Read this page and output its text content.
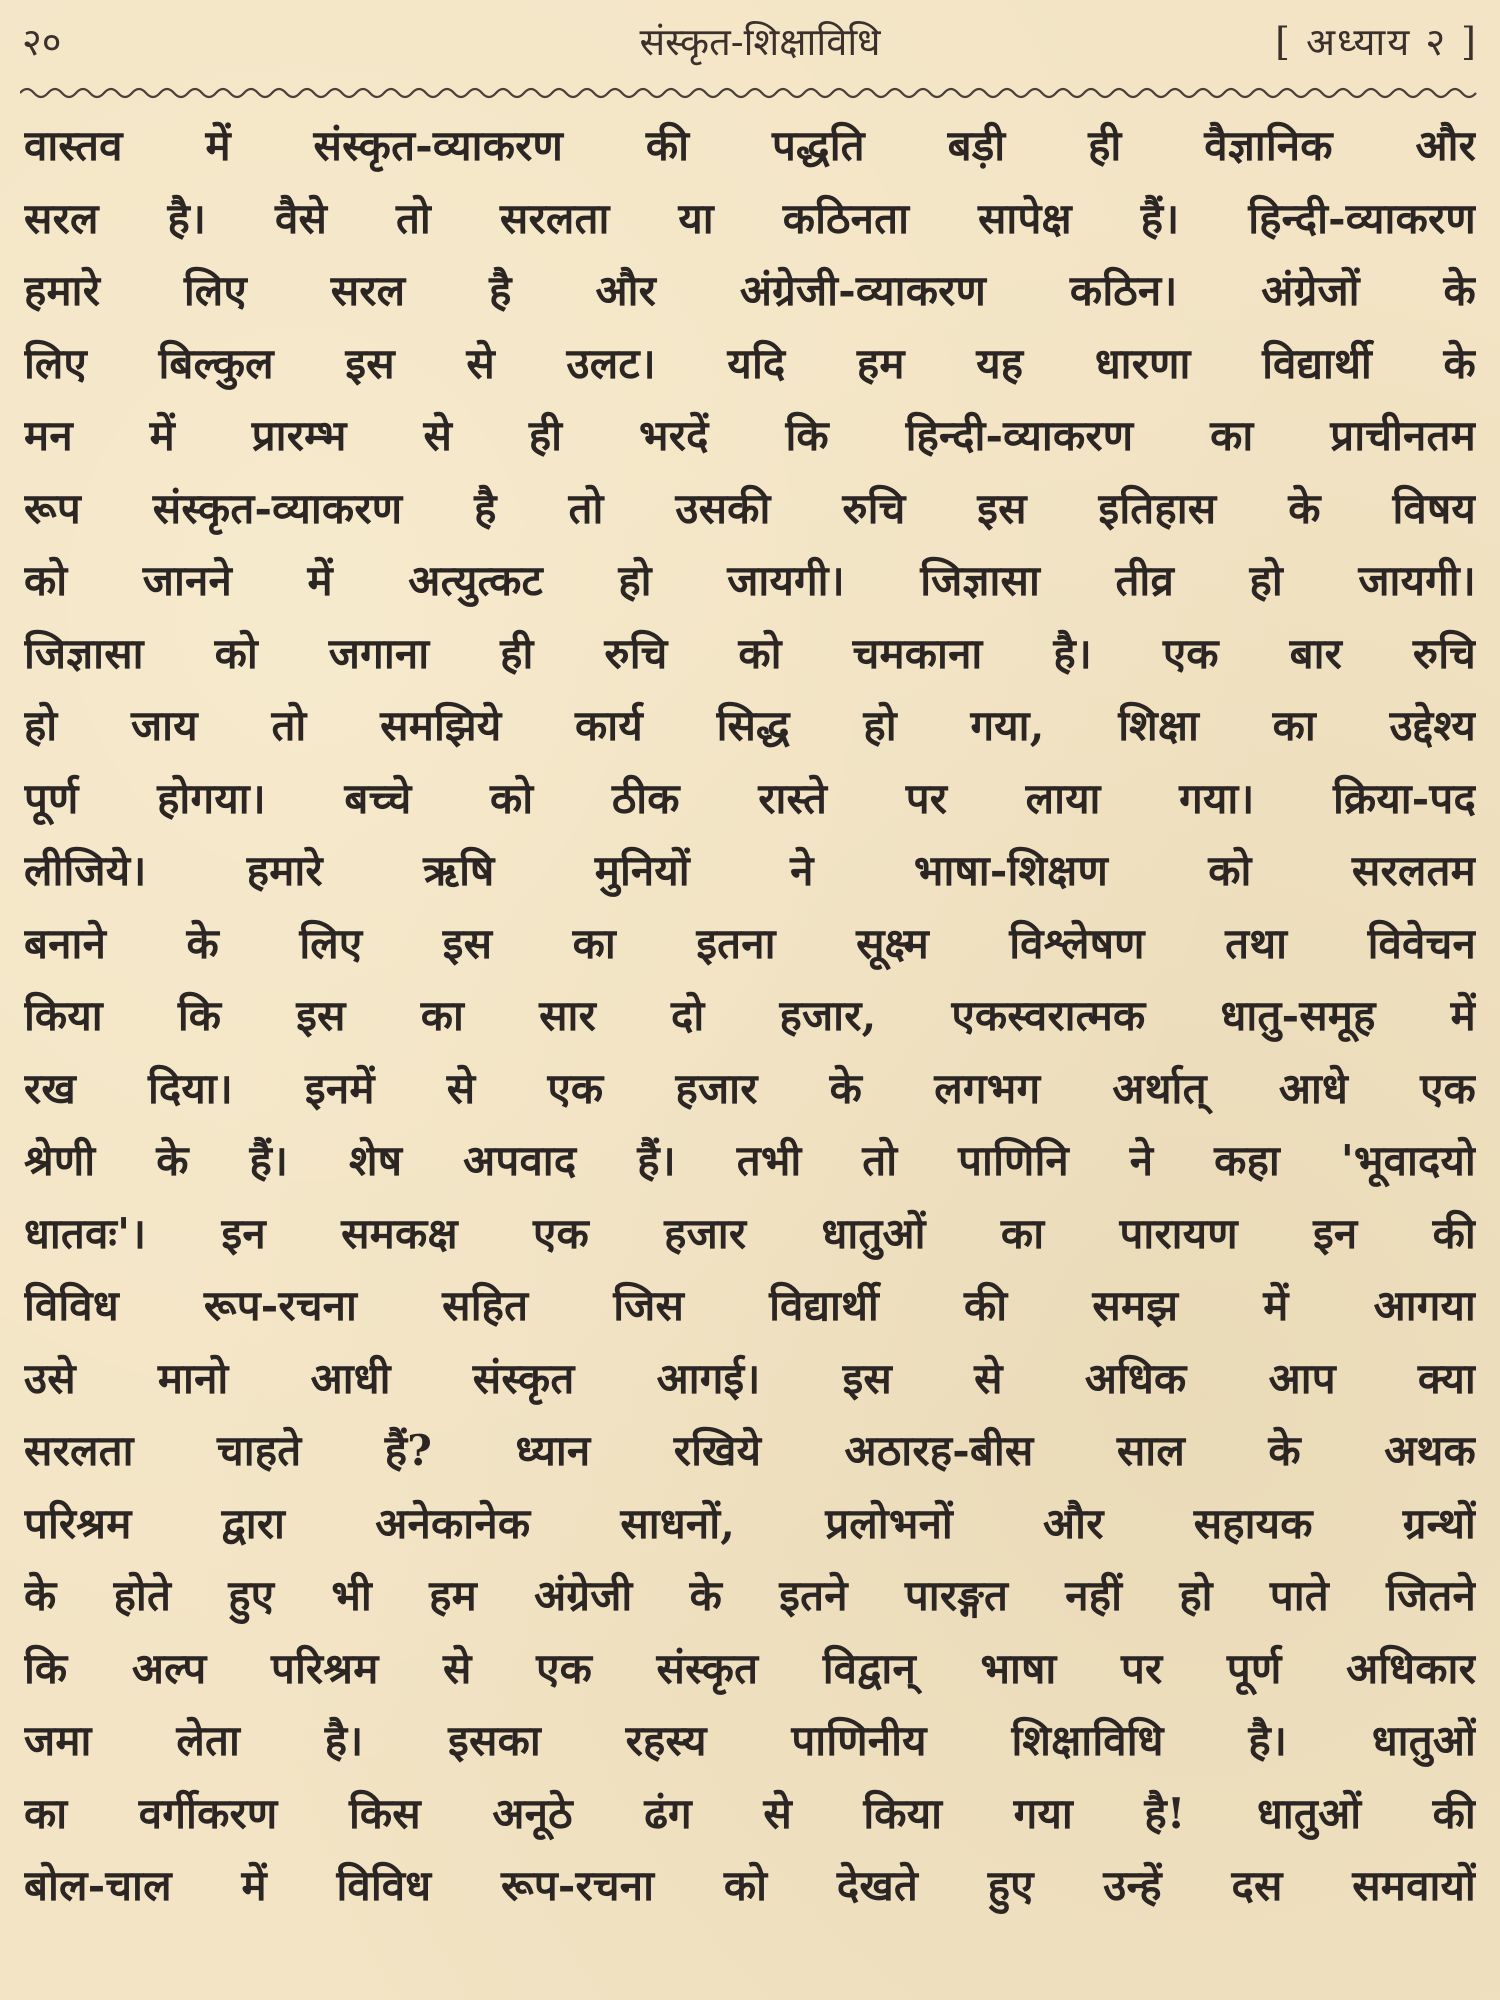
२०	संस्कृत-शिक्षाविधि	[ अध्याय २ ]
वास्तव में संस्कृत-व्याकरण की पद्धति बड़ी ही वैज्ञानिक और
सरल है। वैसे तो सरलता या कठिनता सापेक्ष हैं। हिन्दी-व्याकरण
हमारे लिए सरल है और अंग्रेजी-व्याकरण कठिन। अंग्रेजों के
लिए बिल्कुल इस से उलट। यदि हम यह धारणा विद्यार्थी के
मन में प्रारम्भ से ही भरदें कि हिन्दी-व्याकरण का प्राचीनतम
रूप संस्कृत-व्याकरण है तो उसकी रुचि इस इतिहास के विषय
को जानने में अत्युत्कट हो जायगी। जिज्ञासा तीव्र हो जायगी।
जिज्ञासा को जगाना ही रुचि को चमकाना है। एक बार रुचि
हो जाय तो समझिये कार्य सिद्ध हो गया, शिक्षा का उद्देश्य
पूर्ण होगया। बच्चे को ठीक रास्ते पर लाया गया। क्रिया-पद
लीजिये। हमारे ऋषि मुनियों ने भाषा-शिक्षण को सरलतम
बनाने के लिए इस का इतना सूक्ष्म विश्लेषण तथा विवेचन
किया कि इस का सार दो हजार, एकस्वरात्मक धातु-समूह में
रख दिया। इनमें से एक हजार के लगभग अर्थात् आधे एक
श्रेणी के हैं। शेष अपवाद हैं। तभी तो पाणिनि ने कहा 'भूवादयो
धातवः'। इन समकक्ष एक हजार धातुओं का पारायण इन की
विविध रूप-रचना सहित जिस विद्यार्थी की समझ में आगया
उसे मानो आधी संस्कृत आगई। इस से अधिक आप क्या
सरलता चाहते हैं? ध्यान रखिये अठारह-बीस साल के अथक
परिश्रम द्वारा अनेकानेक साधनों, प्रलोभनों और सहायक ग्रन्थों
के होते हुए भी हम अंग्रेजी के इतने पारङ्गत नहीं हो पाते जितने
कि अल्प परिश्रम से एक संस्कृत विद्वान् भाषा पर पूर्ण अधिकार
जमा लेता है। इसका रहस्य पाणिनीय शिक्षाविधि है। धातुओं
का वर्गीकरण किस अनूठे ढंग से किया गया है! धातुओं की
बोल-चाल में विविध रूप-रचना को देखते हुए उन्हें दस समवायों
